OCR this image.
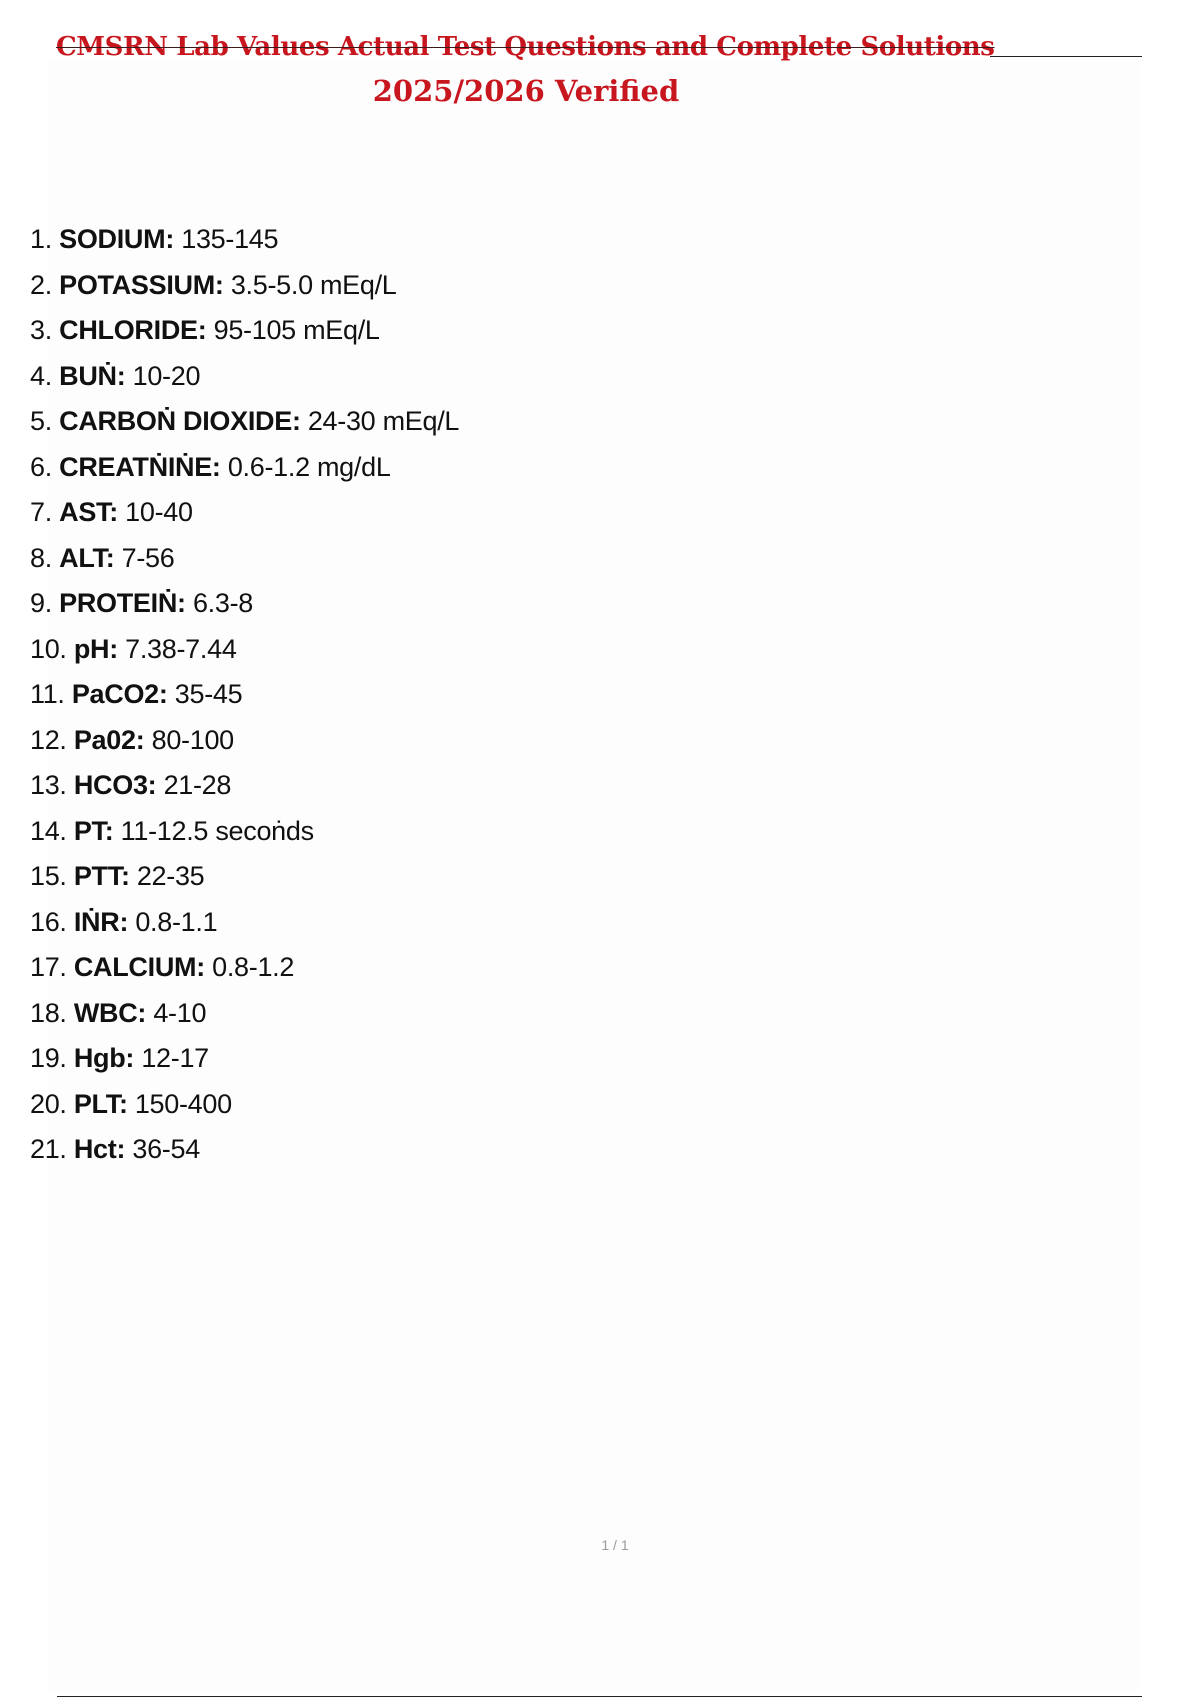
CMSRN Lab Values Actual Test Questions and Complete Solutions
2025/2026 Verified
1. SODIUM: 135-145
2. POTASSIUM: 3.5-5.0 mEq/L
3. CHLORIDE: 95-105 mEq/L
4. BUṄ: 10-20
5. CARBOṄ DIOXIDE: 24-30 mEq/L
6. CREATṄIṄE: 0.6-1.2 mg/dL
7. AST: 10-40
8. ALT: 7-56
9. PROTEIṄ: 6.3-8
10. pH: 7.38-7.44
11. PaCO2: 35-45
12. Pa02: 80-100
13. HCO3: 21-28
14. PT: 11-12.5 secoṅds
15. PTT: 22-35
16. IṄR: 0.8-1.1
17. CALCIUM: 0.8-1.2
18. WBC: 4-10
19. Hgb: 12-17
20. PLT: 150-400
21. Hct: 36-54
1 / 1
